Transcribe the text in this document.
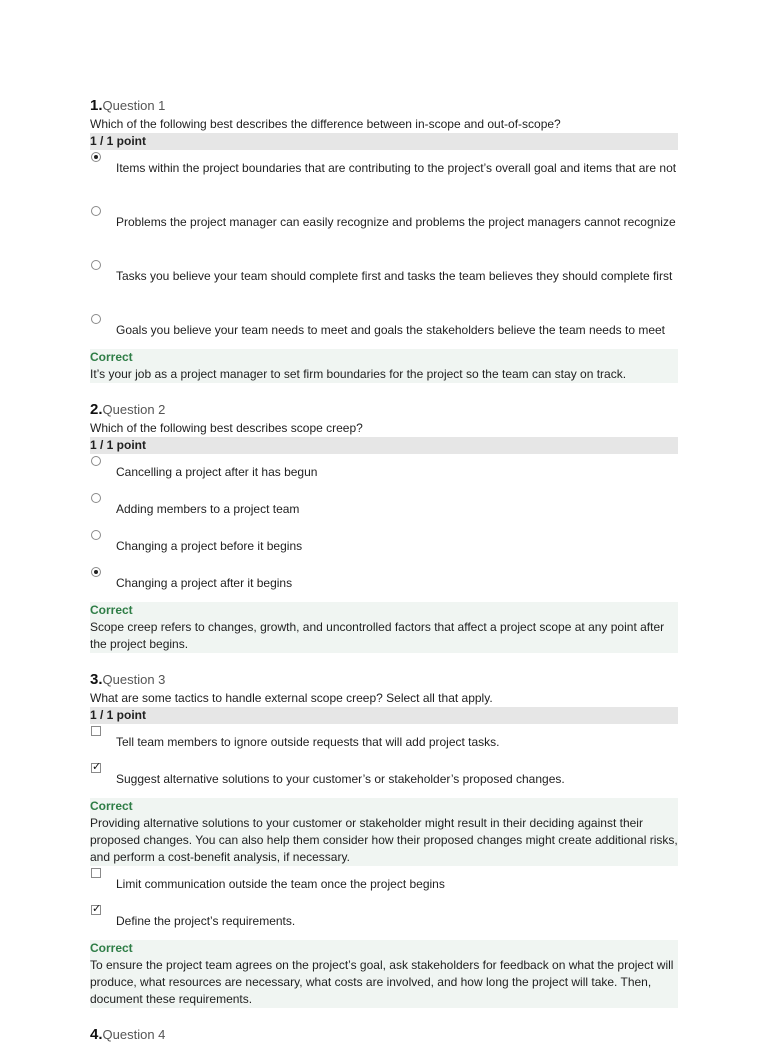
1.Question 1
Which of the following best describes the difference between in-scope and out-of-scope?
1 / 1 point
Items within the project boundaries that are contributing to the project’s overall goal and items that are not
Problems the project manager can easily recognize and problems the project managers cannot recognize
Tasks you believe your team should complete first and tasks the team believes they should complete first
Goals you believe your team needs to meet and goals the stakeholders believe the team needs to meet
Correct
It’s your job as a project manager to set firm boundaries for the project so the team can stay on track.
2.Question 2
Which of the following best describes scope creep?
1 / 1 point
Cancelling a project after it has begun
Adding members to a project team
Changing a project before it begins
Changing a project after it begins
Correct
Scope creep refers to changes, growth, and uncontrolled factors that affect a project scope at any point after the project begins.
3.Question 3
What are some tactics to handle external scope creep? Select all that apply.
1 / 1 point
Tell team members to ignore outside requests that will add project tasks.
✓
Suggest alternative solutions to your customer’s or stakeholder’s proposed changes.
Correct
Providing alternative solutions to your customer or stakeholder might result in their deciding against their proposed changes. You can also help them consider how their proposed changes might create additional risks, and perform a cost-benefit analysis, if necessary.
Limit communication outside the team once the project begins
✓
Define the project’s requirements.
Correct
To ensure the project team agrees on the project’s goal, ask stakeholders for feedback on what the project will produce, what resources are necessary, what costs are involved, and how long the project will take. Then, document these requirements.
4.Question 4
